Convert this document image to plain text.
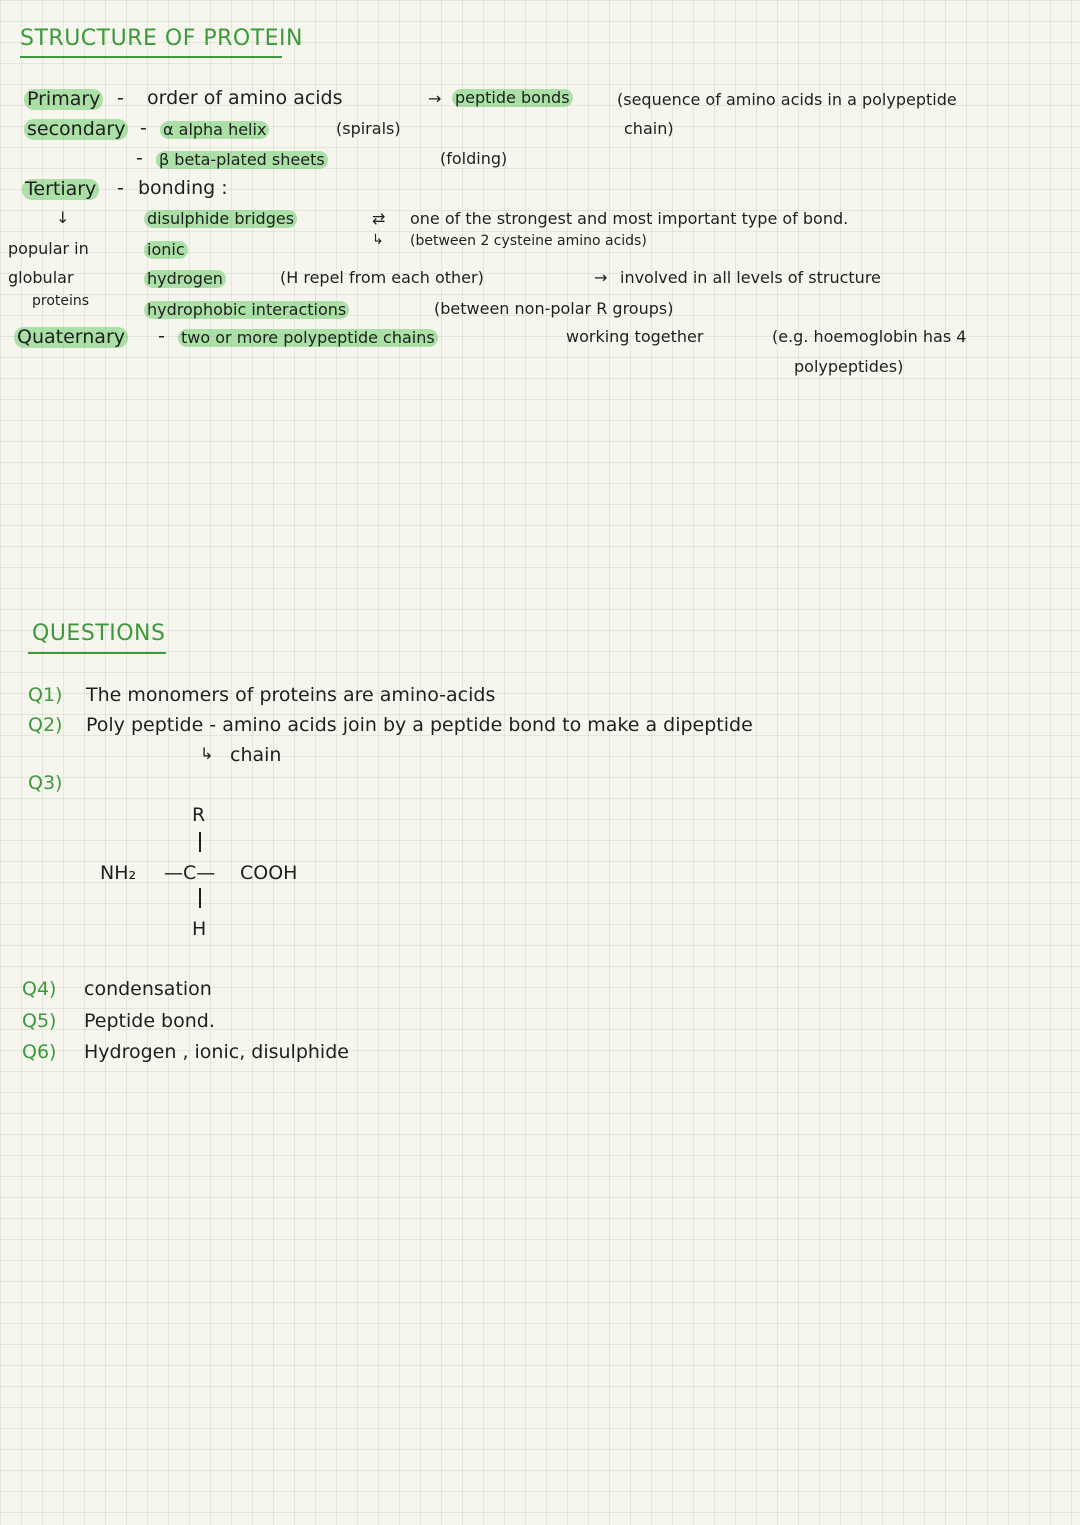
STRUCTURE OF PROTEIN
Primary - order of amino acids	→ peptide bonds	(sequence of amino acids in a polypeptide
chain)
secondary - α alpha helix	(spirals)
- β beta-plated sheets	(folding)
Tertiary - bonding :
↓
popular in
globular
proteins
disulphide bridges	⇄ one of the strongest and most important type of bond.
↳ (between 2 cysteine amino acids)
ionic
hydrogen	(H repel from each other)	→ involved in all levels of structure
hydrophobic interactions	(between non-polar R groups)
Quaternary - two or more polypeptide chains	working together	(e.g. hoemoglobin has 4
polypeptides)
QUESTIONS
Q1) The monomers of proteins are amino-acids
Q2) Poly peptide - amino acids join by a peptide bond to make a dipeptide
↳ chain
Q3)
R
NH₂ —C— COOH
H
Q4) condensation
Q5) Peptide bond.
Q6) Hydrogen , ionic, disulphide
